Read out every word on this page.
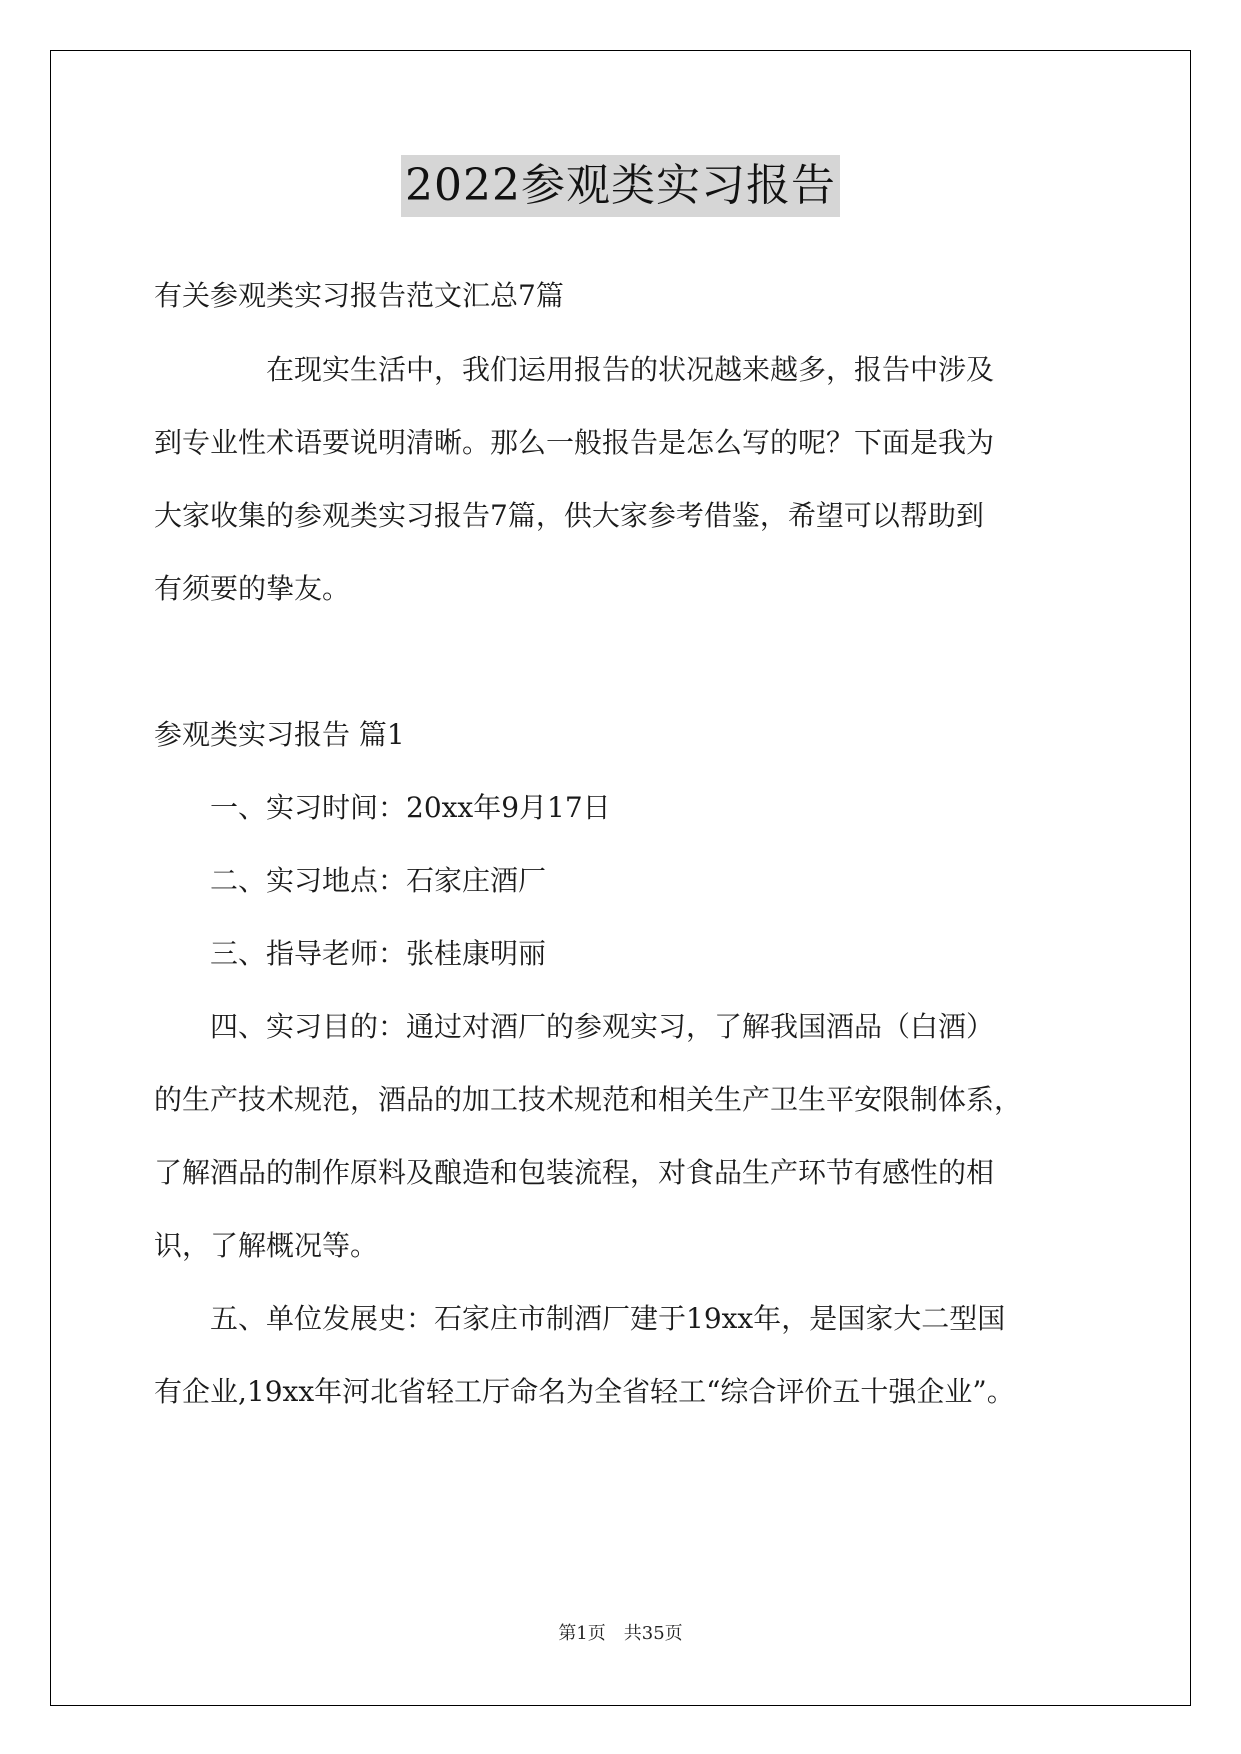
2022参观类实习报告
有关参观类实习报告范文汇总7篇
在现实生活中，我们运用报告的状况越来越多，报告中涉及
到专业性术语要说明清晰。那么一般报告是怎么写的呢？下面是我为
大家收集的参观类实习报告7篇，供大家参考借鉴，希望可以帮助到
有须要的挚友。
参观类实习报告 篇1
一、实习时间：20xx年9月17日
二、实习地点：石家庄酒厂
三、指导老师：张桂康明丽
四、实习目的：通过对酒厂的参观实习，了解我国酒品（白酒）
的生产技术规范，酒品的加工技术规范和相关生产卫生平安限制体系，
了解酒品的制作原料及酿造和包装流程，对食品生产环节有感性的相
识，了解概况等。
五、单位发展史：石家庄市制酒厂建于19xx年，是国家大二型国
有企业,19xx年河北省轻工厅命名为全省轻工“综合评价五十强企业”。
第1页　共35页
